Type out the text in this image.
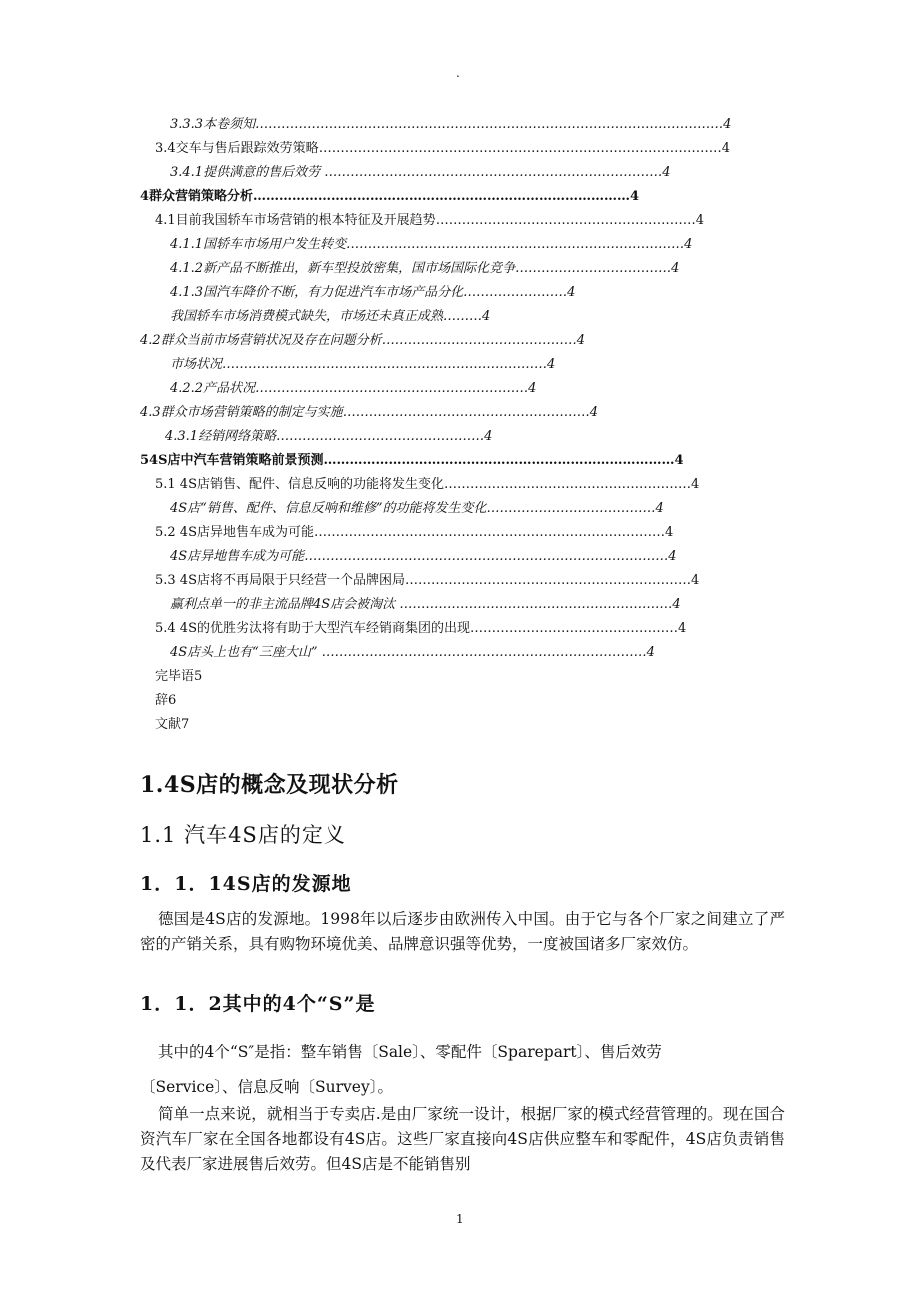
.
3.3.3本卷须知………………………………………………………………………………………………4
3.4交车与售后跟踪效劳策略…………………………………………………………………………………4
3.4.1提供满意的售后效劳 ……………………………………………………………………4
4群众营销策略分析……………………………………………………………………………4
4.1目前我国轿车市场营销的根本特征及开展趋势……………………………………………………4
4.1.1国轿车市场用户发生转变……………………………………………………………………4
4.1.2新产品不断推出，新车型投放密集，国市场国际化竞争………………………………4
4.1.3国汽车降价不断，有力促进汽车市场产品分化……………………4
我国轿车市场消费模式缺失，市场还未真正成熟………4
4.2群众当前市场营销状况及存在问题分析………………………………………4
市场状况…………………………………………………………………4
4.2.2产品状况………………………………………………………4
4.3群众市场营销策略的制定与实施…………………………………………………4
4.3.1经销网络策略…………………………………………4
54S店中汽车营销策略前景预测………………………………………………………………………4
5.1 4S店销售、配件、信息反响的功能将发生变化…………………………………………………4
4S店“销售、配件、信息反响和维修”的功能将发生变化…………………………………4
5.2 4S店异地售车成为可能………………………………………………………………………4
4S店异地售车成为可能…………………………………………………………………………4
5.3 4S店将不再局限于只经营一个品牌困局…………………………………………………………4
赢利点单一的非主流品牌4S店会被淘汰 ………………………………………………………4
5.4 4S的优胜劣汰将有助于大型汽车经销商集团的出现…………………………………………4
4S店头上也有“三座大山” …………………………………………………………………4
完毕语5
辞6
文献7
1.4S店的概念及现状分析
1.1 汽车4S店的定义
1．1．14S店的发源地
德国是4S店的发源地。1998年以后逐步由欧洲传入中国。由于它与各个厂家之间建立了严密的产销关系，具有购物环境优美、品牌意识强等优势，一度被国诸多厂家效仿。
1．1．2其中的4个“S”是
其中的4个“S″是指：整车销售〔Sale〕、零配件〔Sparepart〕、售后效劳
〔Service〕、信息反响〔Survey〕。
简单一点来说，就相当于专卖店.是由厂家统一设计，根据厂家的模式经营管理的。现在国合资汽车厂家在全国各地都设有4S店。这些厂家直接向4S店供应整车和零配件，4S店负责销售及代表厂家进展售后效劳。但4S店是不能销售别
1
